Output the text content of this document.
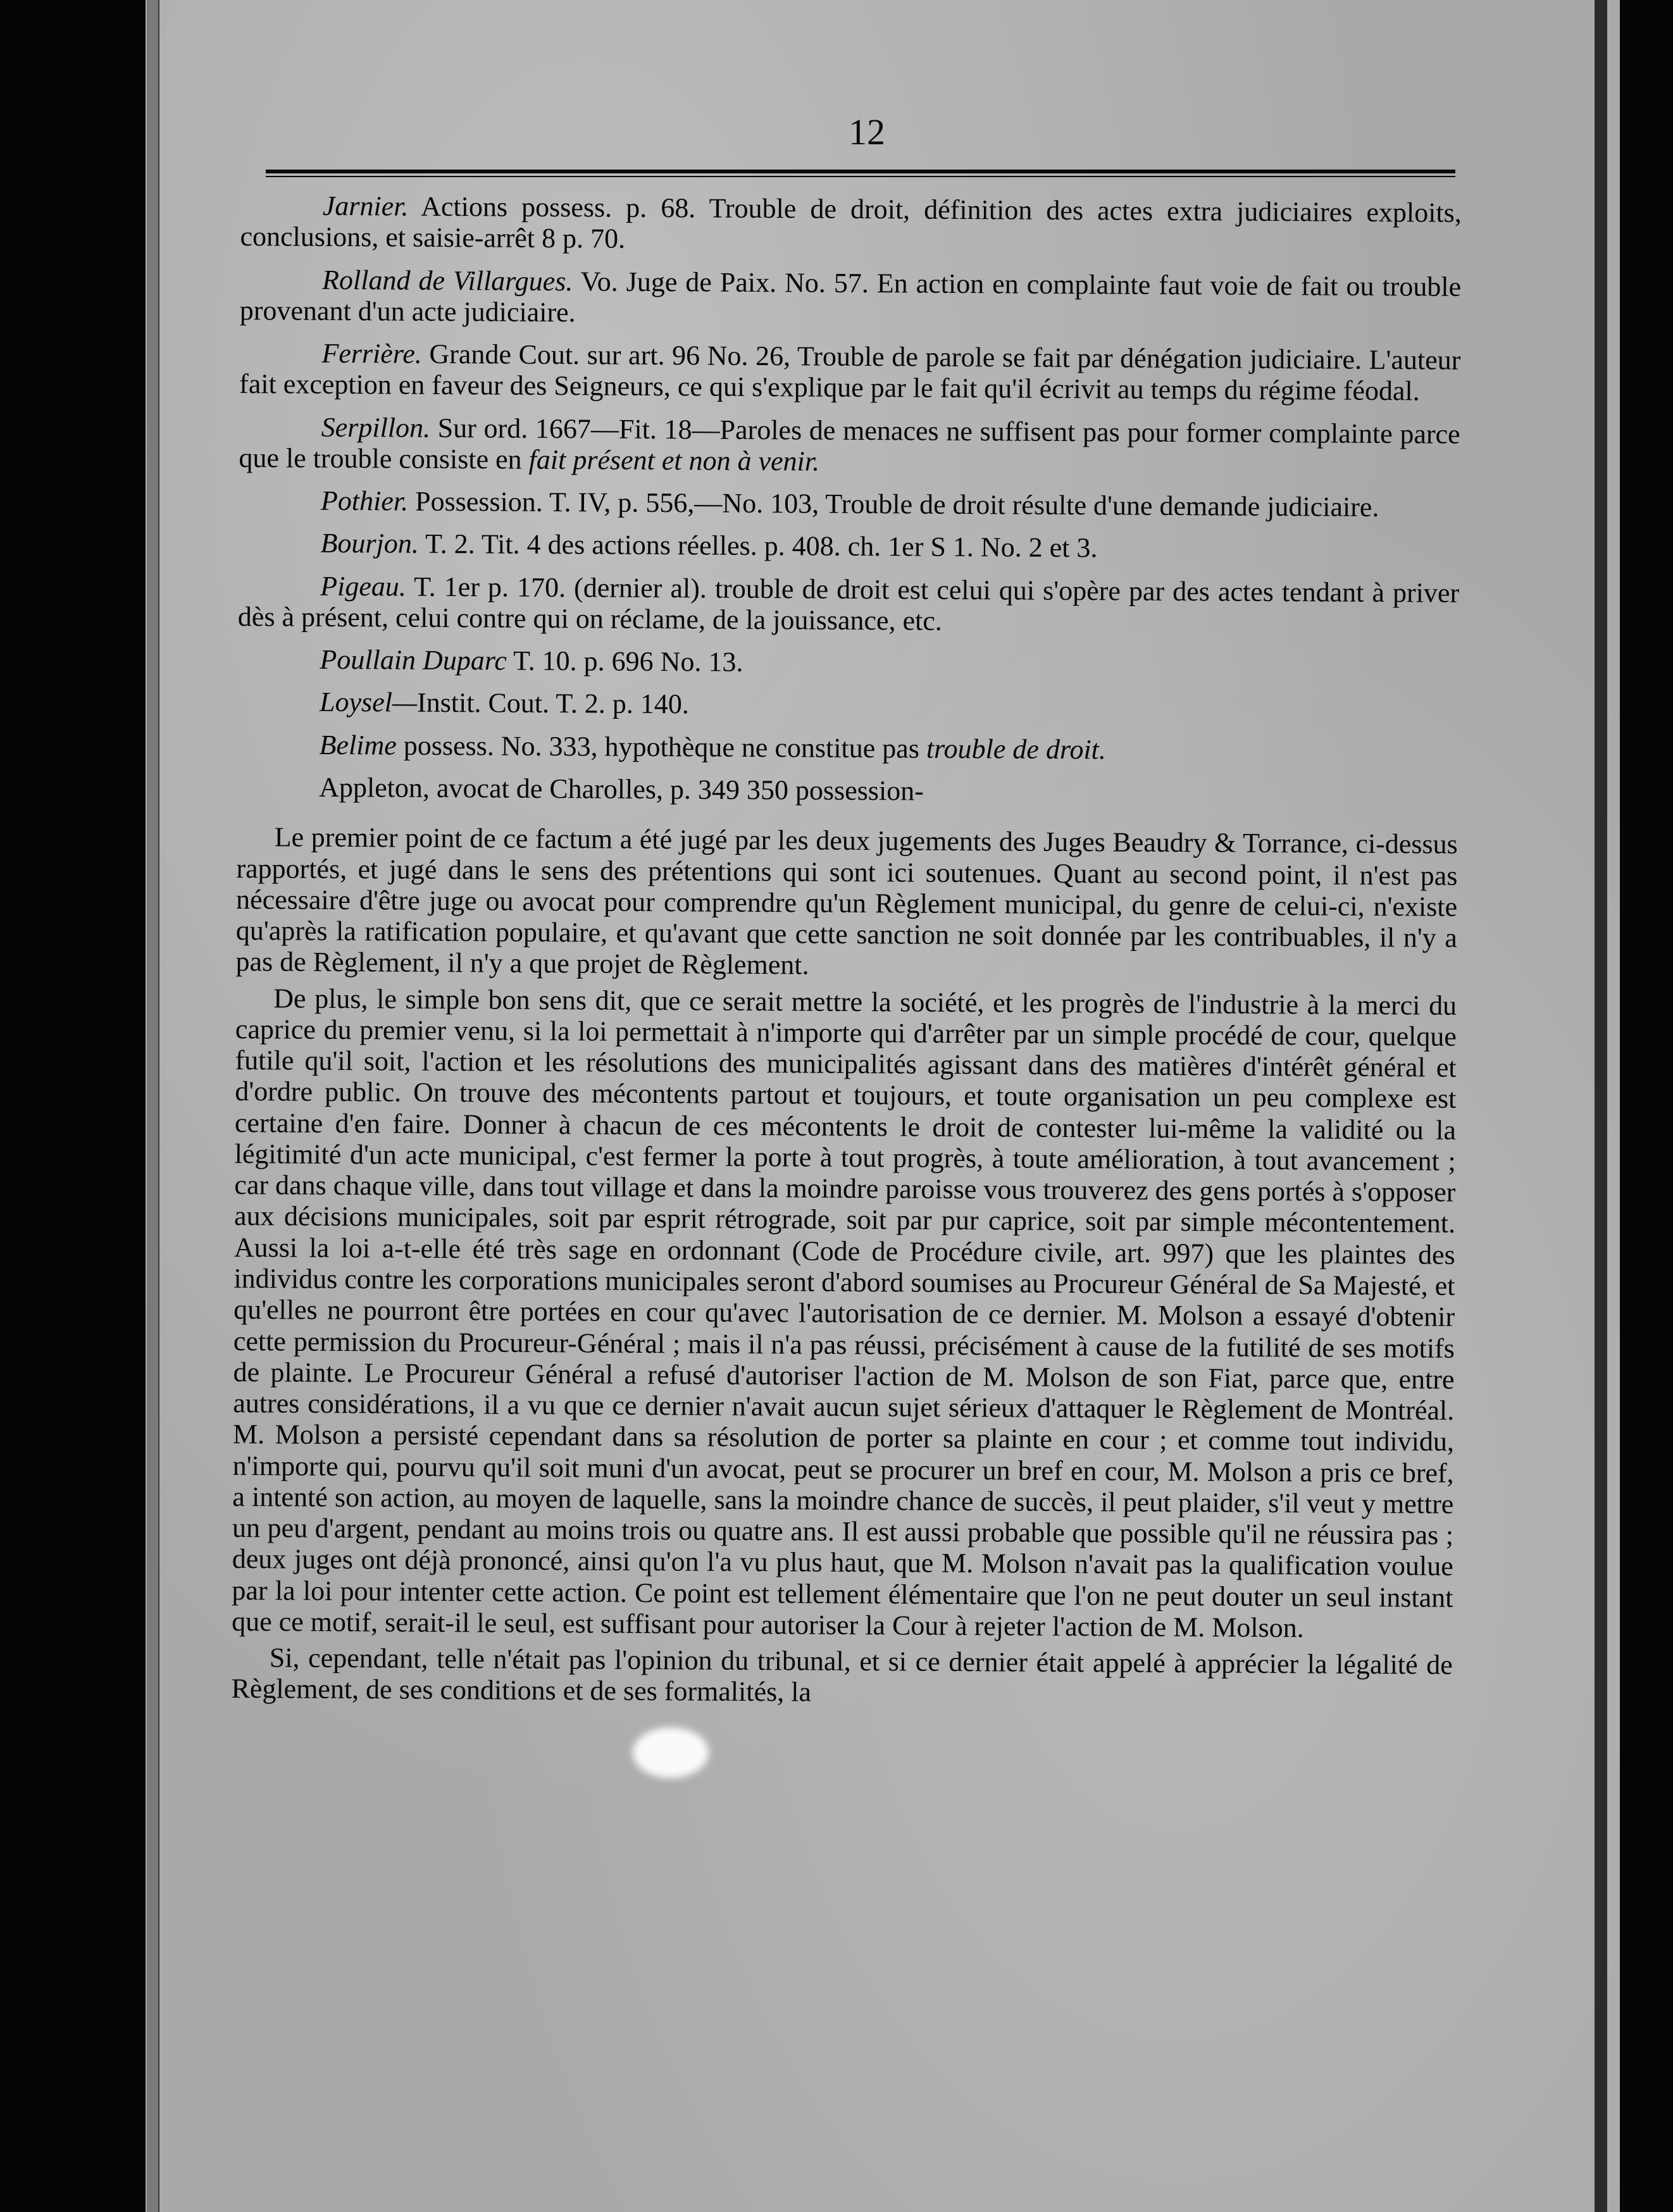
12

Jarnier. Actions possess. p. 68. Trouble de droit, définition des actes extra judiciaires exploits, conclusions, et saisie-arrêt 8 p. 70.

Rolland de Villargues. Vo. Juge de Paix. No. 57. En action en complainte faut voie de fait ou trouble provenant d'un acte judiciaire.

Ferrière. Grande Cout. sur art. 96 No. 26, Trouble de parole se fait par dénégation judiciaire. L'auteur fait exception en faveur des Seigneurs, ce qui s'explique par le fait qu'il écrivit au temps du régime féodal.

Serpillon. Sur ord. 1667—Fit. 18—Paroles de menaces ne suffisent pas pour former complainte parce que le trouble consiste en fait présent et non à venir.

Pothier. Possession. T. IV, p. 556,—No. 103, Trouble de droit résulte d'une demande judiciaire.

Bourjon. T. 2. Tit. 4 des actions réelles. p. 408. ch. 1er S 1. No. 2 et 3.

Pigeau. T. 1er p. 170. (dernier al). trouble de droit est celui qui s'opère par des actes tendant à priver dès à présent, celui contre qui on réclame, de la jouissance, etc.

Poullain Duparc T. 10. p. 696 No. 13.

Loysel—Instit. Cout. T. 2. p. 140.

Belime possess. No. 333, hypothèque ne constitue pas trouble de droit.

Appleton, avocat de Charolles, p. 349 350 possession-

Le premier point de ce factum a été jugé par les deux jugements des Juges Beaudry & Torrance, ci-dessus rapportés, et jugé dans le sens des prétentions qui sont ici soutenues. Quant au second point, il n'est pas nécessaire d'être juge ou avocat pour comprendre qu'un Règlement municipal, du genre de celui-ci, n'existe qu'après la ratification populaire, et qu'avant que cette sanction ne soit donnée par les contribuables, il n'y a pas de Règlement, il n'y a que projet de Règlement.

De plus, le simple bon sens dit, que ce serait mettre la société, et les progrès de l'industrie à la merci du caprice du premier venu, si la loi permettait à n'importe qui d'arrêter par un simple procédé de cour, quelque futile qu'il soit, l'action et les résolutions des municipalités agissant dans des matières d'intérêt général et d'ordre public. On trouve des mécontents partout et toujours, et toute organisation un peu complexe est certaine d'en faire. Donner à chacun de ces mécontents le droit de contester lui-même la validité ou la légitimité d'un acte municipal, c'est fermer la porte à tout progrès, à toute amélioration, à tout avancement ; car dans chaque ville, dans tout village et dans la moindre paroisse vous trouverez des gens portés à s'opposer aux décisions municipales, soit par esprit rétrograde, soit par pur caprice, soit par simple mécontentement. Aussi la loi a-t-elle été très sage en ordonnant (Code de Procédure civile, art. 997) que les plaintes des individus contre les corporations municipales seront d'abord soumises au Procureur Général de Sa Majesté, et qu'elles ne pourront être portées en cour qu'avec l'autorisation de ce dernier. M. Molson a essayé d'obtenir cette permission du Procureur-Général ; mais il n'a pas réussi, précisément à cause de la futilité de ses motifs de plainte. Le Procureur Général a refusé d'autoriser l'action de M. Molson de son Fiat, parce que, entre autres considérations, il a vu que ce dernier n'avait aucun sujet sérieux d'attaquer le Règlement de Montréal. M. Molson a persisté cependant dans sa résolution de porter sa plainte en cour ; et comme tout individu, n'importe qui, pourvu qu'il soit muni d'un avocat, peut se procurer un bref en cour, M. Molson a pris ce bref, a intenté son action, au moyen de laquelle, sans la moindre chance de succès, il peut plaider, s'il veut y mettre un peu d'argent, pendant au moins trois ou quatre ans. Il est aussi probable que possible qu'il ne réussira pas ; deux juges ont déjà prononcé, ainsi qu'on l'a vu plus haut, que M. Molson n'avait pas la qualification voulue par la loi pour intenter cette action. Ce point est tellement élémentaire que l'on ne peut douter un seul instant que ce motif, serait-il le seul, est suffisant pour autoriser la Cour à rejeter l'action de M. Molson.

Si, cependant, telle n'était pas l'opinion du tribunal, et si ce dernier était appelé à apprécier la légalité de Règlement, de ses conditions et de ses formalités, la
